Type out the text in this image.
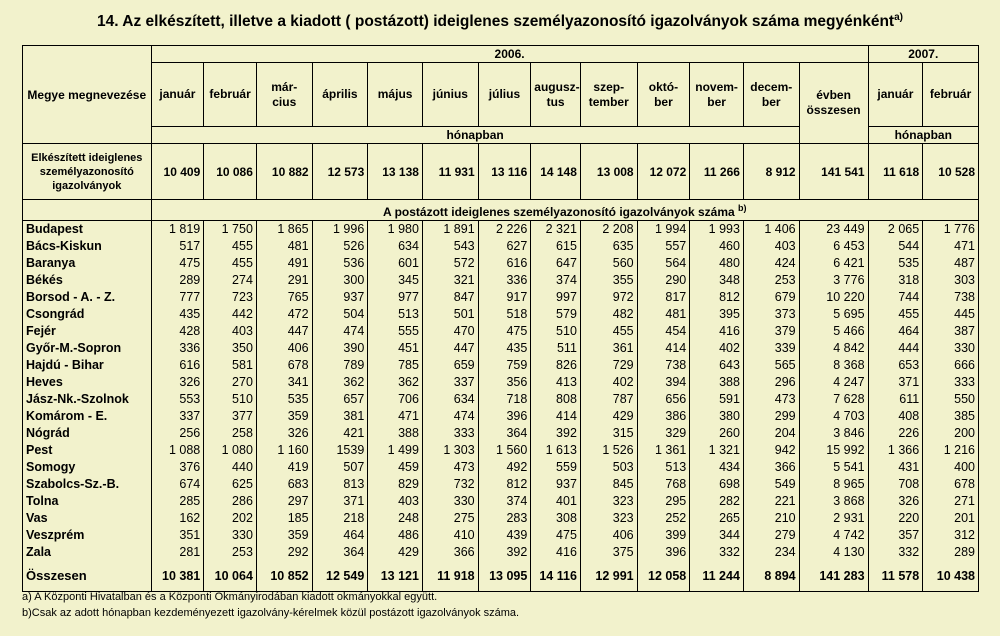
14. Az elkészített, illetve a kiadott ( postázott) ideiglenes személyazonosító igazolványok száma megyénként$^{a)}$
Megye megnevezése	2006.													2007.	
	január	február	már-cius	április	május	június	július	augusz-tus	szep-tember	októ-ber	novem-ber	decem-ber	évben összesen	január	február
	hónapban													hónapban	
Elkészített ideiglenes személyazonosító igazolványok	10 409	10 086	10 882	12 573	13 138	11 931	13 116	14 148	13 008	12 072	11 266	8 912	141 541	11 618	10 528
	A postázott ideiglenes személyazonosító igazolványok száma $^{b)}$
Budapest	1 819	1 750	1 865	1 996	1 980	1 891	2 226	2 321	2 208	1 994	1 993	1 406	23 449	2 065	1 776
Bács-Kiskun	517	455	481	526	634	543	627	615	635	557	460	403	6 453	544	471
Baranya	475	455	491	536	601	572	616	647	560	564	480	424	6 421	535	487
Békés	289	274	291	300	345	321	336	374	355	290	348	253	3 776	318	303
Borsod - A. - Z.	777	723	765	937	977	847	917	997	972	817	812	679	10 220	744	738
Csongrád	435	442	472	504	513	501	518	579	482	481	395	373	5 695	455	445
Fejér	428	403	447	474	555	470	475	510	455	454	416	379	5 466	464	387
Győr-M.-Sopron	336	350	406	390	451	447	435	511	361	414	402	339	4 842	444	330
Hajdú - Bihar	616	581	678	789	785	659	759	826	729	738	643	565	8 368	653	666
Heves	326	270	341	362	362	337	356	413	402	394	388	296	4 247	371	333
Jász-Nk.-Szolnok	553	510	535	657	706	634	718	808	787	656	591	473	7 628	611	550
Komárom - E.	337	377	359	381	471	474	396	414	429	386	380	299	4 703	408	385
Nógrád	256	258	326	421	388	333	364	392	315	329	260	204	3 846	226	200
Pest	1 088	1 080	1 160	1539	1 499	1 303	1 560	1 613	1 526	1 361	1 321	942	15 992	1 366	1 216
Somogy	376	440	419	507	459	473	492	559	503	513	434	366	5 541	431	400
Szabolcs-Sz.-B.	674	625	683	813	829	732	812	937	845	768	698	549	8 965	708	678
Tolna	285	286	297	371	403	330	374	401	323	295	282	221	3 868	326	271
Vas	162	202	185	218	248	275	283	308	323	252	265	210	2 931	220	201
Veszprém	351	330	359	464	486	410	439	475	406	399	344	279	4 742	357	312
Zala	281	253	292	364	429	366	392	416	375	396	332	234	4 130	332	289
Összesen	10 381	10 064	10 852	12 549	13 121	11 918	13 095	14 116	12 991	12 058	11 244	8 894	141 283	11 578	10 438
a) A Központi Hivatalban és a Központi Okmányirodában kiadott okmányokkal együtt.
b)Csak az adott hónapban kezdeményezett igazolvány-kérelmek közül postázott igazolványok száma.
